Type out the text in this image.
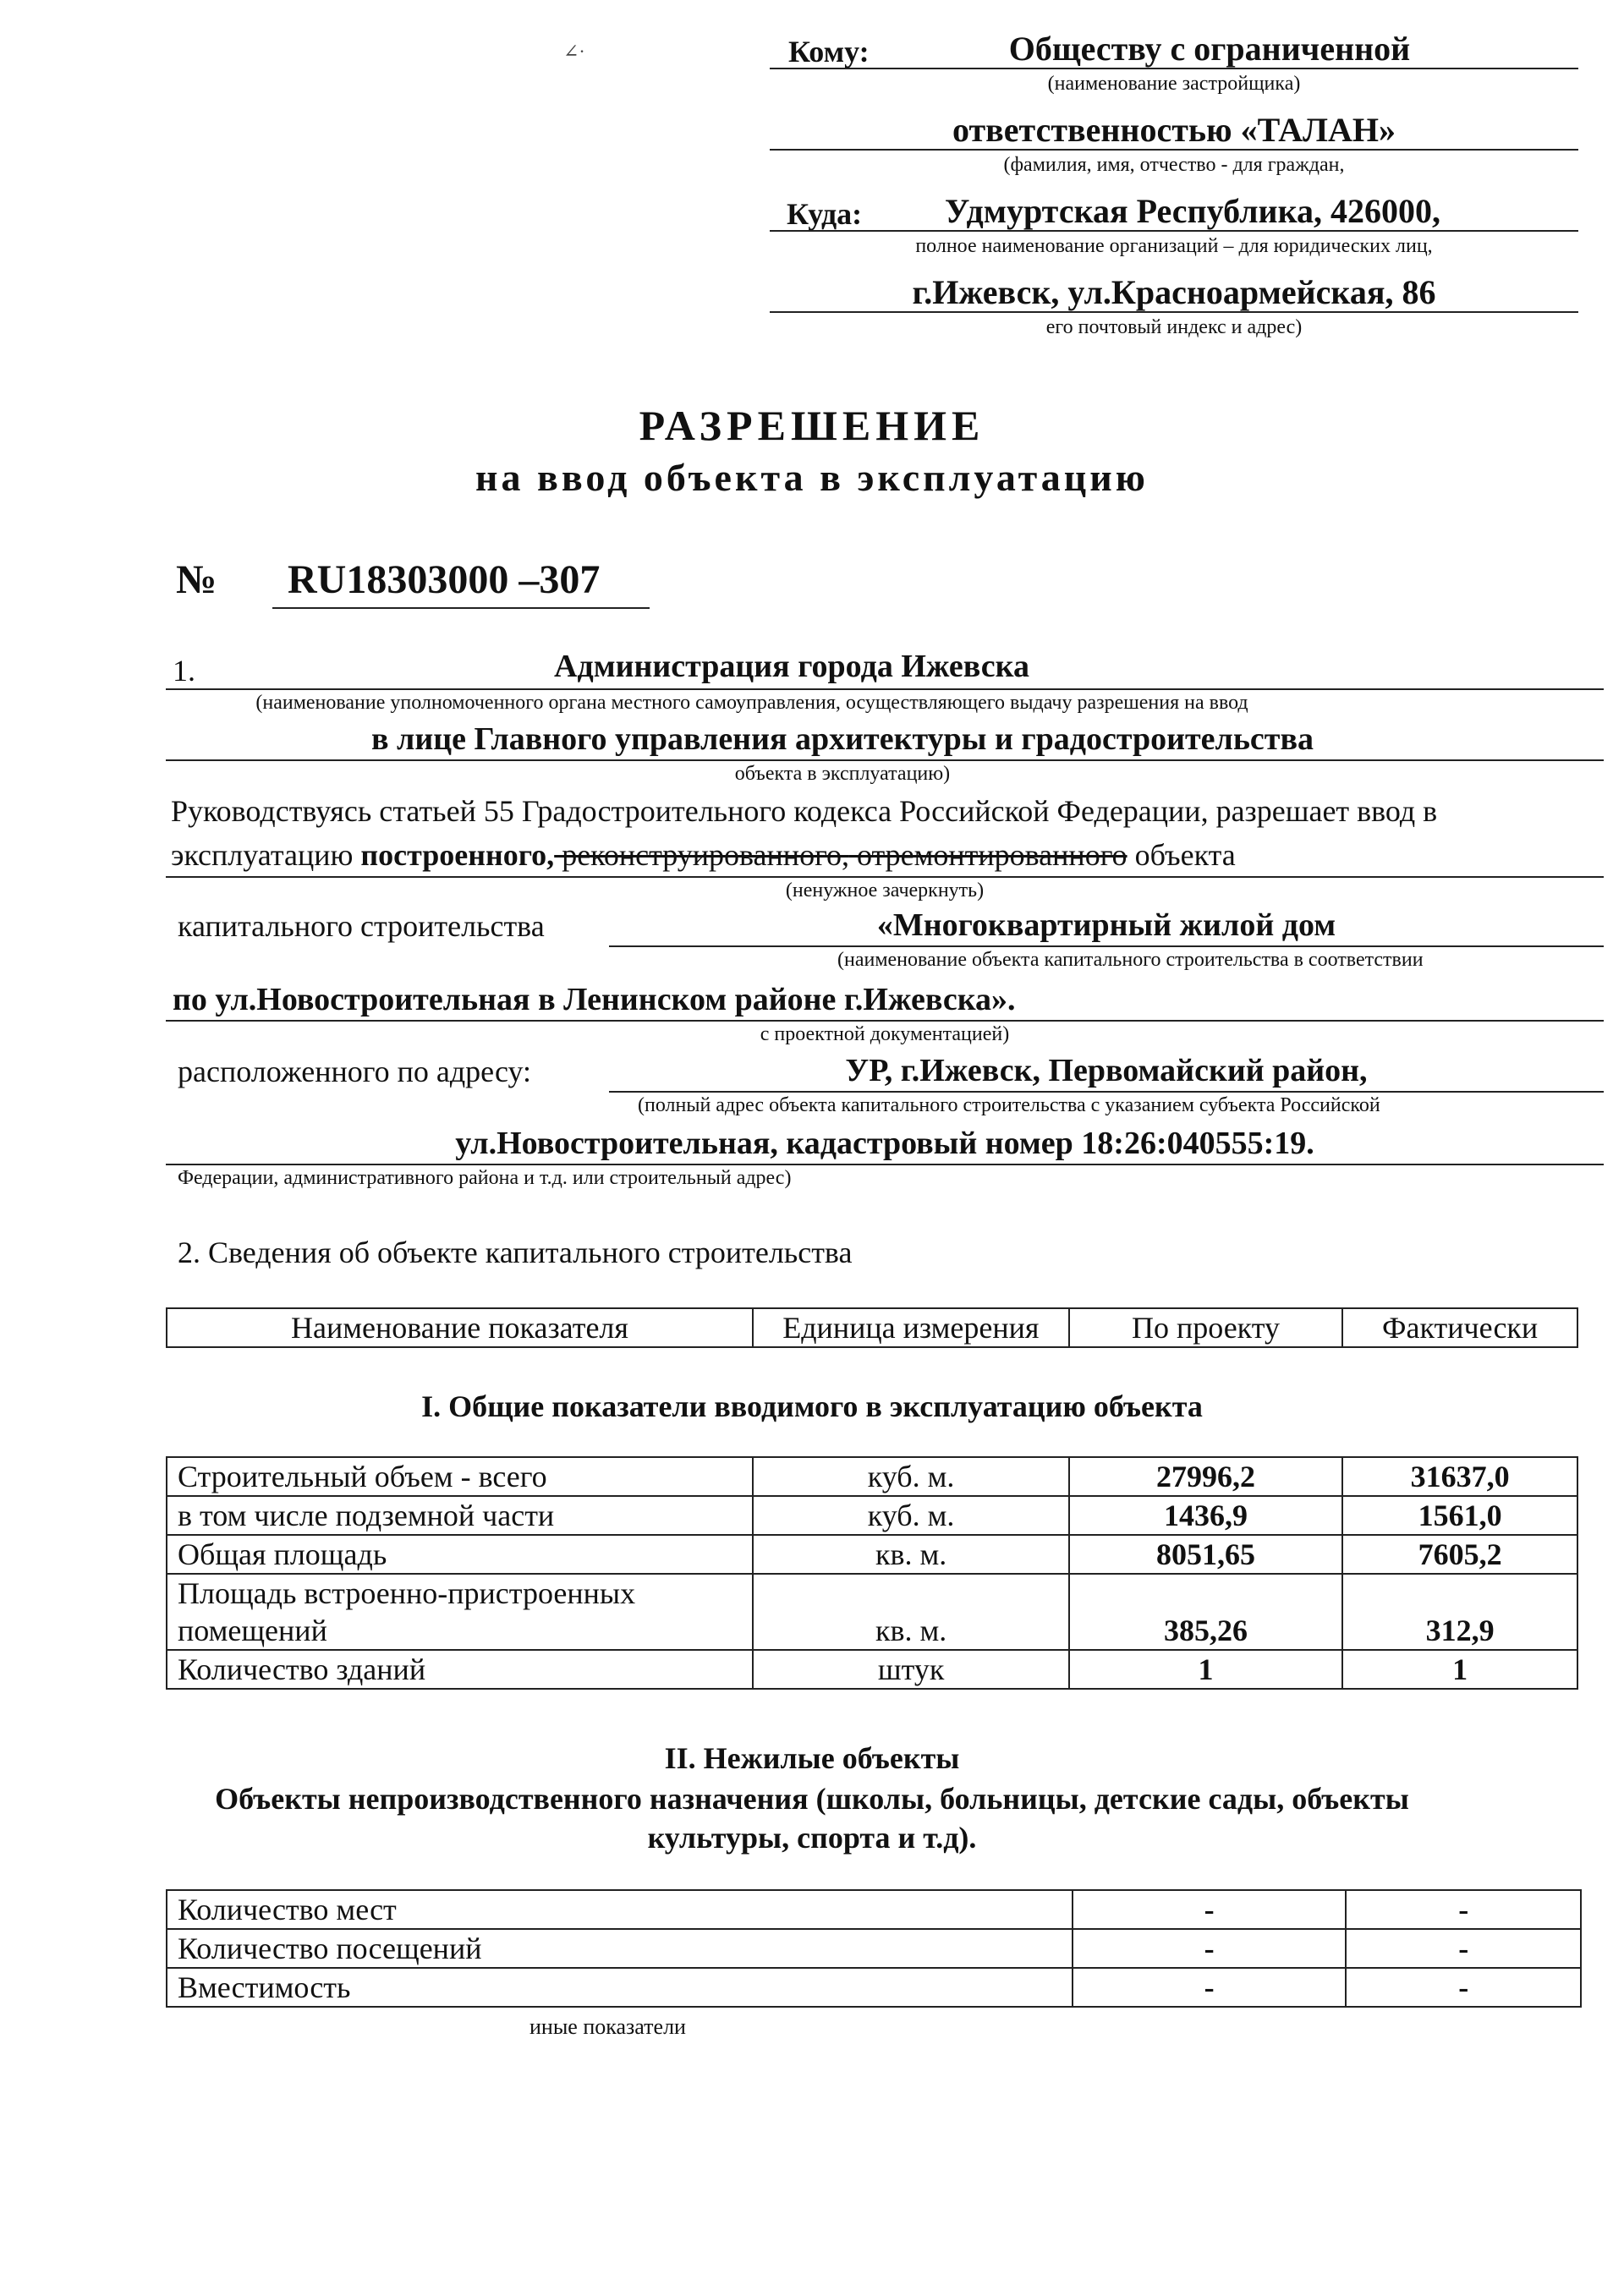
∠·	Кому:	Обществу с ограниченной
(наименование застройщика)
ответственностью «ТАЛАН»
(фамилия, имя, отчество - для граждан,
Куда:	Удмуртская Республика, 426000,
полное наименование организаций – для юридических лиц,
г.Ижевск, ул.Красноармейская, 86
его почтовый индекс и адрес)
РАЗРЕШЕНИЕ
на ввод объекта в эксплуатацию
№ RU18303000 –307
1.	Администрация города Ижевска
(наименование уполномоченного органа местного самоуправления, осуществляющего выдачу разрешения на ввод
в лице Главного управления архитектуры и градостроительства
объекта в эксплуатацию)
Руководствуясь статьей 55 Градостроительного кодекса Российской Федерации, разрешает ввод в
эксплуатацию построенного, реконструированного, отремонтированного объекта
(ненужное зачеркнуть)
капитального строительства	«Многоквартирный жилой дом
(наименование объекта капитального строительства в соответствии
по ул.Новостроительная в Ленинском районе г.Ижевска».
с проектной документацией)
расположенного по адресу:	УР, г.Ижевск, Первомайский район,
(полный адрес объекта капитального строительства с указанием субъекта Российской
ул.Новостроительная, кадастровый номер 18:26:040555:19.
Федерации, административного района и т.д. или строительный адрес)
2. Сведения об объекте капитального строительства
Наименование показателя	Единица измерения	По проекту	Фактически
I. Общие показатели вводимого в эксплуатацию объекта
Строительный объем - всего	куб. м.	27996,2	31637,0
в том числе подземной части	куб. м.	1436,9	1561,0
Общая площадь	кв. м.	8051,65	7605,2
Площадь встроенно-пристроенных помещений	кв. м.	385,26	312,9
Количество зданий	штук	1	1
II. Нежилые объекты
Объекты непроизводственного назначения (школы, больницы, детские сады, объекты
культуры, спорта и т.д).
Количество мест	-	-
Количество посещений	-	-
Вместимость	-	-
иные показатели
